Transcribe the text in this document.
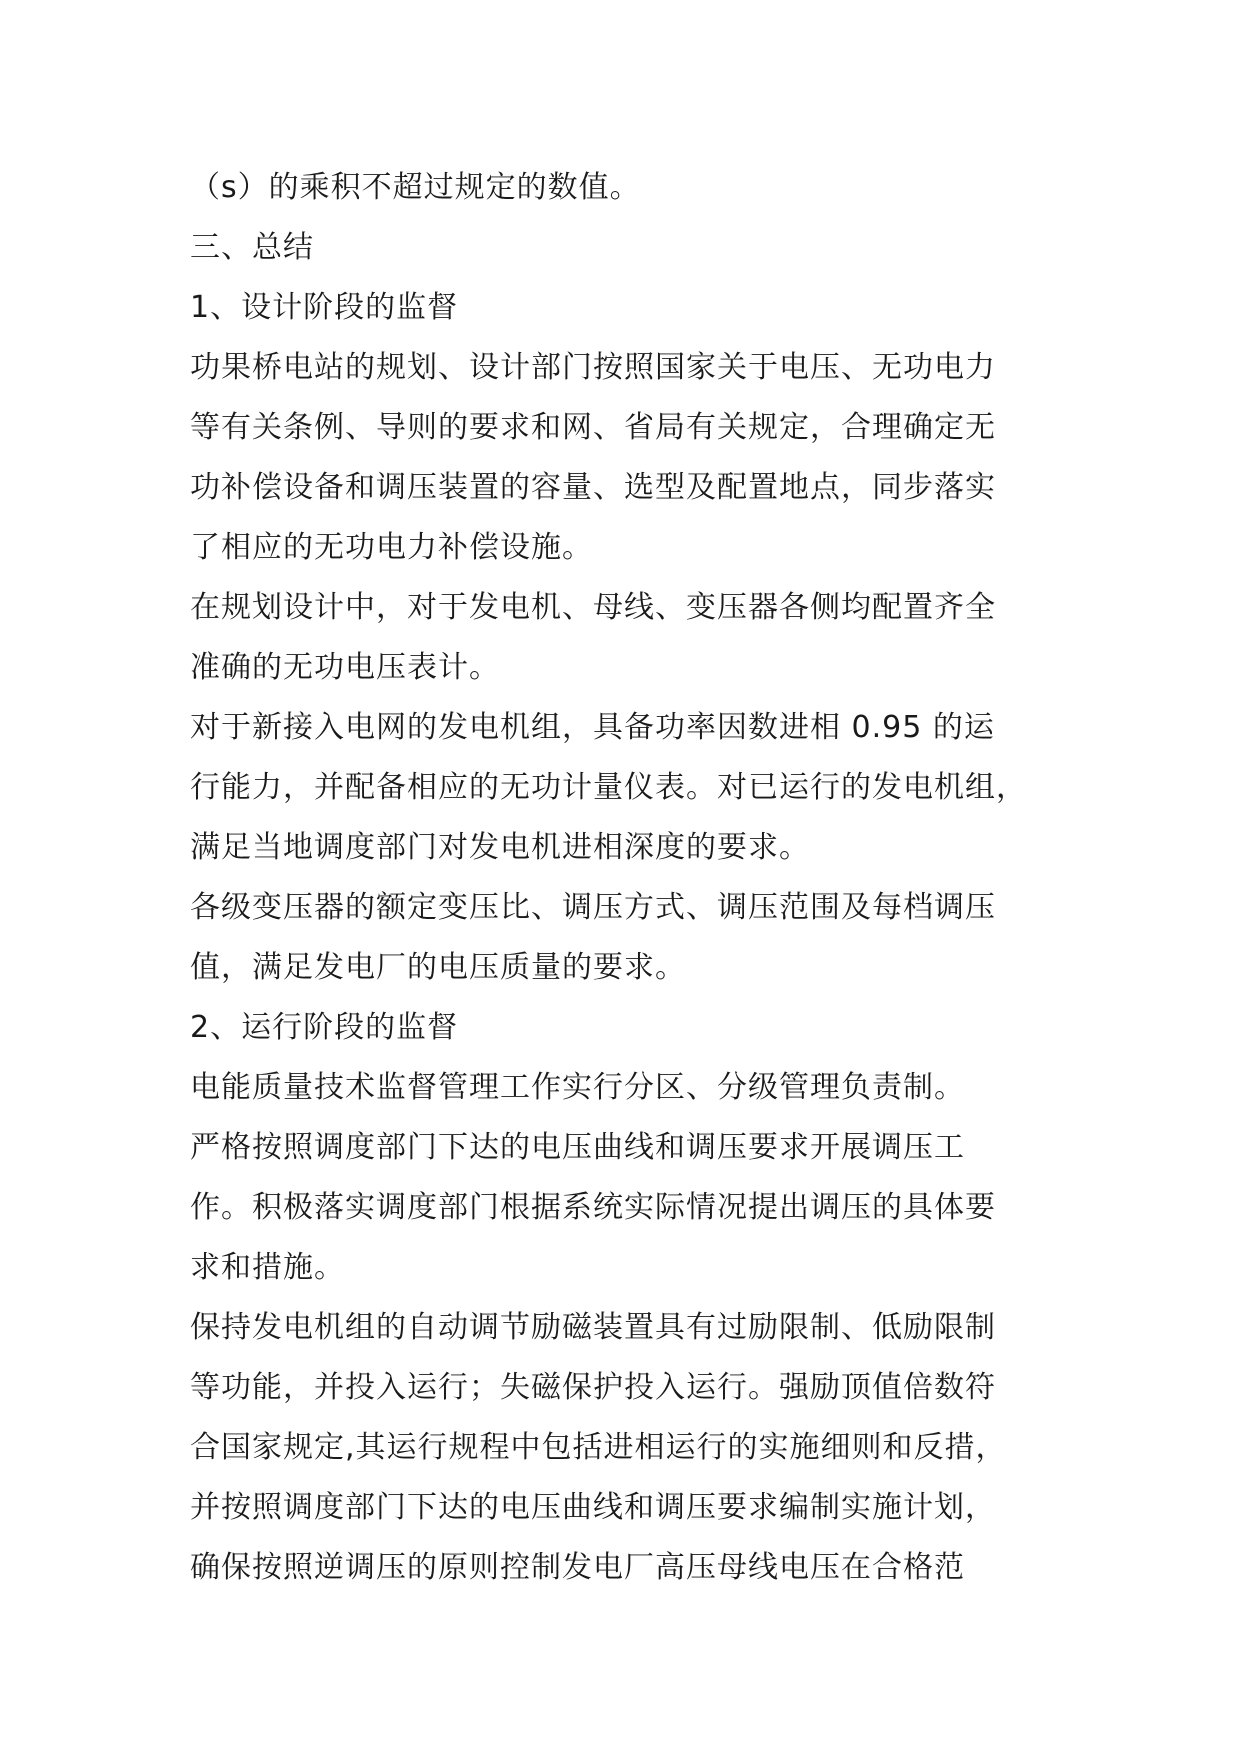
（s）的乘积不超过规定的数值。
三、总结
1、设计阶段的监督
功果桥电站的规划、设计部门按照国家关于电压、无功电力
等有关条例、导则的要求和网、省局有关规定，合理确定无
功补偿设备和调压装置的容量、选型及配置地点，同步落实
了相应的无功电力补偿设施。
在规划设计中，对于发电机、母线、变压器各侧均配置齐全
准确的无功电压表计。
对于新接入电网的发电机组，具备功率因数进相 0.95 的运
行能力，并配备相应的无功计量仪表。对已运行的发电机组，
满足当地调度部门对发电机进相深度的要求。
各级变压器的额定变压比、调压方式、调压范围及每档调压
值，满足发电厂的电压质量的要求。
2、运行阶段的监督
电能质量技术监督管理工作实行分区、分级管理负责制。
严格按照调度部门下达的电压曲线和调压要求开展调压工
作。积极落实调度部门根据系统实际情况提出调压的具体要
求和措施。
保持发电机组的自动调节励磁装置具有过励限制、低励限制
等功能，并投入运行；失磁保护投入运行。强励顶值倍数符
合国家规定,其运行规程中包括进相运行的实施细则和反措，
并按照调度部门下达的电压曲线和调压要求编制实施计划，
确保按照逆调压的原则控制发电厂高压母线电压在合格范
